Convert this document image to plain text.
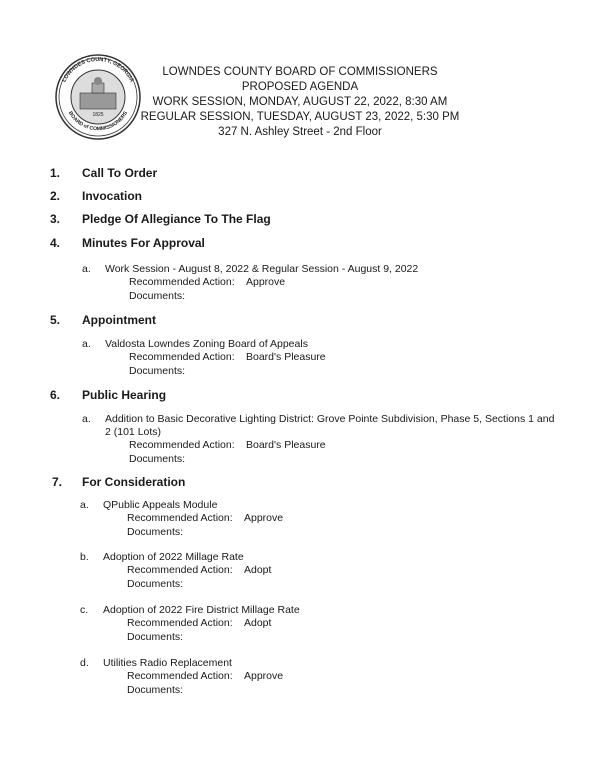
1825
LOWNDES COUNTY, GEORGIA
BOARD of COMMISSIONERS
LOWNDES COUNTY BOARD OF COMMISSIONERS
PROPOSED AGENDA
WORK SESSION, MONDAY, AUGUST 22, 2022, 8:30 AM
REGULAR SESSION, TUESDAY, AUGUST 23, 2022, 5:30 PM
327 N. Ashley Street - 2nd Floor
1. Call To Order
2. Invocation
3. Pledge Of Allegiance To The Flag
4. Minutes For Approval
a. Work Session - August 8, 2022 & Regular Session - August 9, 2022
Recommended Action: Approve
Documents:
5. Appointment
a. Valdosta Lowndes Zoning Board of Appeals
Recommended Action: Board's Pleasure
Documents:
6. Public Hearing
a. Addition to Basic Decorative Lighting District: Grove Pointe Subdivision, Phase 5, Sections 1 and
2 (101 Lots)
Recommended Action: Board's Pleasure
Documents:
7. For Consideration
a. QPublic Appeals Module
Recommended Action: Approve
Documents:
b. Adoption of 2022 Millage Rate
Recommended Action: Adopt
Documents:
c. Adoption of 2022 Fire District Millage Rate
Recommended Action: Adopt
Documents:
d. Utilities Radio Replacement
Recommended Action: Approve
Documents:
